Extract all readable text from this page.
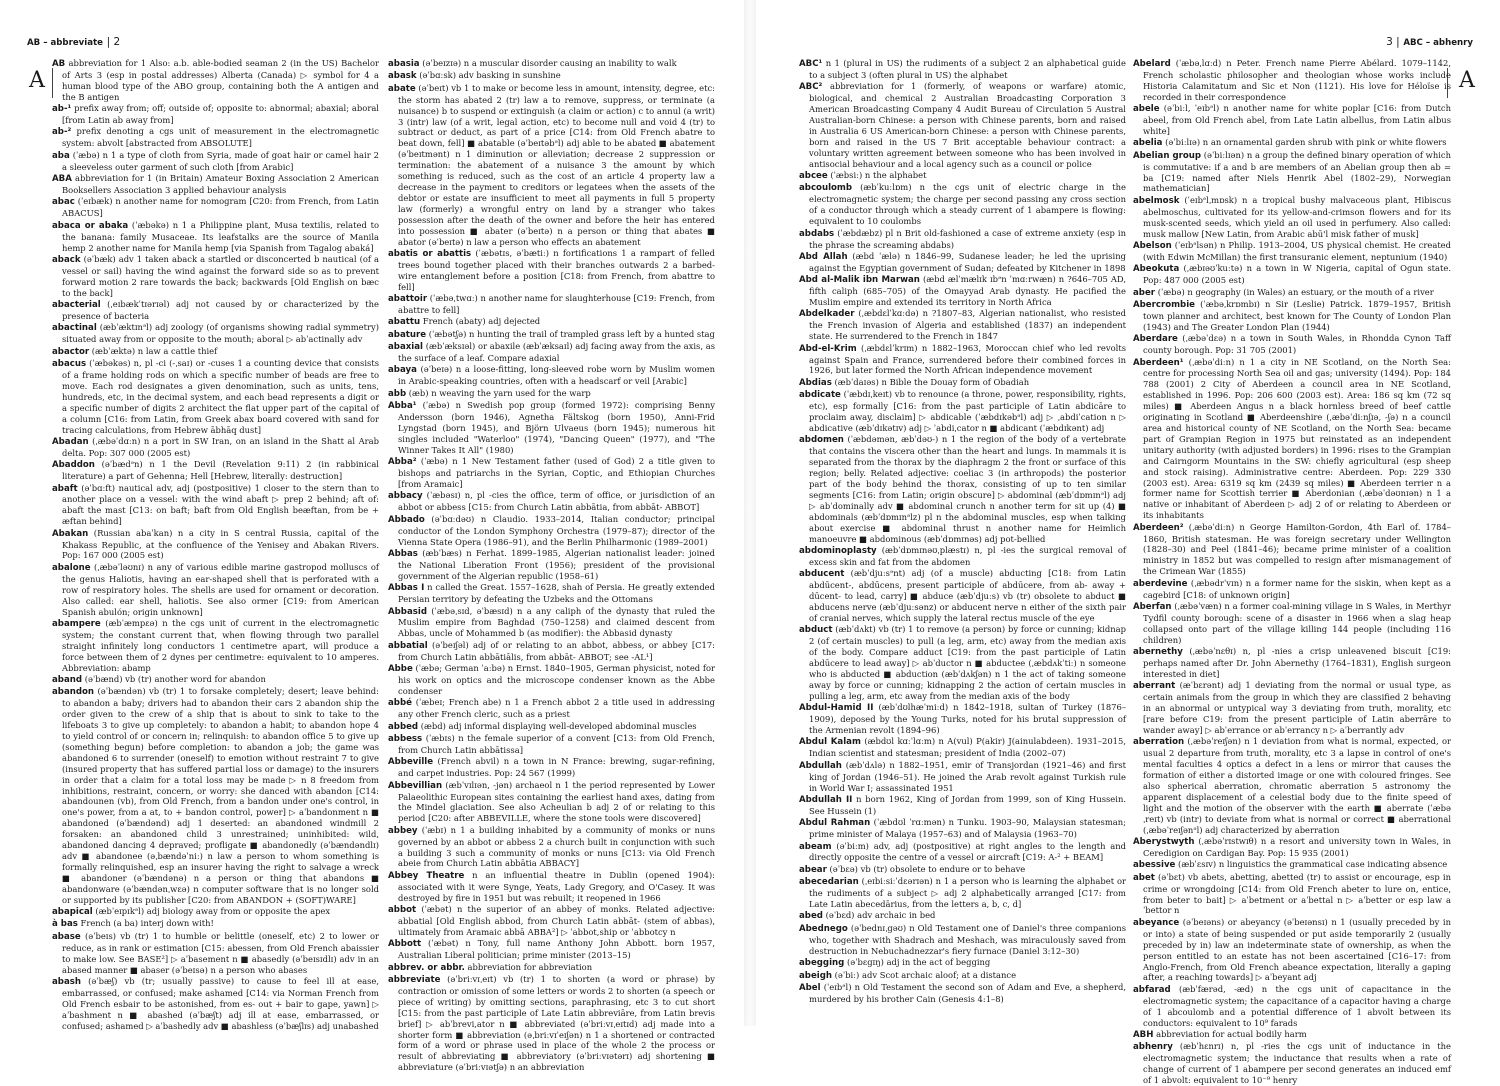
AB – abbreviate | 2
A

AB abbreviation for 1 Also: a.b. able-bodied seaman 2 (in the US) Bachelor of Arts 3 (esp in postal addresses) Alberta (Canada) ▷ symbol for 4 a human blood type of the ABO group, containing both the A antigen and the B antigen

ab-¹ prefix away from; off; outside of; opposite to: abnormal; abaxial; aboral [from Latin ab away from]

ab-² prefix denoting a cgs unit of measurement in the electromagnetic system: abvolt [abstracted from ABSOLUTE]

aba (ˈæbə) n 1 a type of cloth from Syria, made of goat hair or camel hair 2 a sleeveless outer garment of such cloth [from Arabic]

ABA abbreviation for 1 (in Britain) Amateur Boxing Association 2 American Booksellers Association 3 applied behaviour analysis

abac (ˈeɪbæk) n another name for nomogram [C20: from French, from Latin ABACUS]

abaca or abaka (ˈæbəkə) n 1 a Philippine plant, Musa textilis, related to the banana: family Musaceae. Its leafstalks are the source of Manila hemp 2 another name for Manila hemp [via Spanish from Tagalog abaká]

aback (əˈbæk) adv 1 taken aback a startled or disconcerted b nautical (of a vessel or sail) having the wind against the forward side so as to prevent forward motion 2 rare towards the back; backwards [Old English on bæc to the back]

abacterial (ˌeɪbækˈtɪərɪəl) adj not caused by or characterized by the presence of bacteria

abactinal (æbˈæktɪnᵊl) adj zoology (of organisms showing radial symmetry) situated away from or opposite to the mouth; aboral ▷ abˈactinally adv

abactor (æbˈæktə) n law a cattle thief

abacus (ˈæbəkəs) n, pl -ci (-ˌsaɪ) or -cuses 1 a counting device that consists of a frame holding rods on which a specific number of beads are free to move. Each rod designates a given denomination, such as units, tens, hundreds, etc, in the decimal system, and each bead represents a digit or a specific number of digits 2 architect the flat upper part of the capital of a column [C16: from Latin, from Greek abax board covered with sand for tracing calculations, from Hebrew ābhāq dust]

Abadan (ˌæbəˈdɑːn) n a port in SW Iran, on an island in the Shatt al Arab delta. Pop: 307 000 (2005 est)

Abaddon (əˈbædᵊn) n 1 the Devil (Revelation 9:11) 2 (in rabbinical literature) a part of Gehenna; Hell [Hebrew, literally: destruction]

abaft (əˈbɑːft) nautical adv, adj (postpositive) 1 closer to the stern than to another place on a vessel: with the wind abaft ▷ prep 2 behind; aft of: abaft the mast [C13: on baft; baft from Old English beæftan, from be + æftan behind]

Abakan (Russian abaˈkan) n a city in S central Russia, capital of the Khakass Republic, at the confluence of the Yenisey and Abakan Rivers. Pop: 167 000 (2005 est)

abalone (ˌæbəˈləʊnɪ) n any of various edible marine gastropod molluscs of the genus Haliotis, having an ear-shaped shell that is perforated with a row of respiratory holes. The shells are used for ornament or decoration. Also called: ear shell, haliotis. See also ormer [C19: from American Spanish abulón; origin unknown]

abampere (æbˈæmpɛə) n the cgs unit of current in the electromagnetic system; the constant current that, when flowing through two parallel straight infinitely long conductors 1 centimetre apart, will produce a force between them of 2 dynes per centimetre: equivalent to 10 amperes. Abbreviation: abamp

aband (əˈbænd) vb (tr) another word for abandon

abandon (əˈbændən) vb (tr) 1 to forsake completely; desert; leave behind: to abandon a baby; drivers had to abandon their cars 2 abandon ship the order given to the crew of a ship that is about to sink to take to the lifeboats 3 to give up completely: to abandon a habit; to abandon hope 4 to yield control of or concern in; relinquish: to abandon office 5 to give up (something begun) before completion: to abandon a job; the game was abandoned 6 to surrender (oneself) to emotion without restraint 7 to give (insured property that has suffered partial loss or damage) to the insurers in order that a claim for a total loss may be made ▷ n 8 freedom from inhibitions, restraint, concern, or worry: she danced with abandon [C14: abandounen (vb), from Old French, from a bandon under one's control, in one's power, from a at, to + bandon control, power] ▷ aˈbandonment n ■ abandoned (əˈbændənd) adj 1 deserted: an abandoned windmill 2 forsaken: an abandoned child 3 unrestrained; uninhibited: wild, abandoned dancing 4 depraved; profligate ■ abandonedly (əˈbændəndlɪ) adv ■ abandonee (əˌbændəˈniː) n law a person to whom something is formally relinquished, esp an insurer having the right to salvage a wreck ■ abandoner (əˈbændənə) n a person or thing that abandons ■ abandonware (əˈbændənˌwɛə) n computer software that is no longer sold or supported by its publisher [C20: from ABANDON + (SOFT)WARE]

abapical (æbˈeɪpɪkᵊl) adj biology away from or opposite the apex

à bas French (a ba) interj down with!

abase (əˈbeɪs) vb (tr) 1 to humble or belittle (oneself, etc) 2 to lower or reduce, as in rank or estimation [C15: abessen, from Old French abaissier to make low. See BASE²] ▷ aˈbasement n ■ abasedly (əˈbeɪsɪdlɪ) adv in an abased manner ■ abaser (əˈbeɪsə) n a person who abases

abash (əˈbæʃ) vb (tr; usually passive) to cause to feel ill at ease, embarrassed, or confused; make ashamed [C14: via Norman French from Old French esbair to be astonished, from es- out + bair to gape, yawn] ▷ aˈbashment n ■ abashed (əˈbæʃt) adj ill at ease, embarrassed, or confused; ashamed ▷ aˈbashedly adv ■ abashless (əˈbæʃlɪs) adj unabashed

abasia (əˈbeɪzɪə) n a muscular disorder causing an inability to walk

abask (əˈbɑːsk) adv basking in sunshine

abate (əˈbeɪt) vb 1 to make or become less in amount, intensity, degree, etc: the storm has abated 2 (tr) law a to remove, suppress, or terminate (a nuisance) b to suspend or extinguish (a claim or action) c to annul (a writ) 3 (intr) law (of a writ, legal action, etc) to become null and void 4 (tr) to subtract or deduct, as part of a price [C14: from Old French abatre to beat down, fell] ■ abatable (əˈbeɪtəbᵊl) adj able to be abated ■ abatement (əˈbeɪtmənt) n 1 diminution or alleviation; decrease 2 suppression or termination: the abatement of a nuisance 3 the amount by which something is reduced, such as the cost of an article 4 property law a decrease in the payment to creditors or legatees when the assets of the debtor or estate are insufficient to meet all payments in full 5 property law (formerly) a wrongful entry on land by a stranger who takes possession after the death of the owner and before the heir has entered into possession ■ abater (əˈbeɪtə) n a person or thing that abates ■ abator (əˈbeɪtə) n law a person who effects an abatement

abatis or abattis (ˈæbətɪs, əˈbætiː) n fortifications 1 a rampart of felled trees bound together placed with their branches outwards 2 a barbed-wire entanglement before a position [C18: from French, from abattre to fell]

abattoir (ˈæbəˌtwɑː) n another name for slaughterhouse [C19: French, from abattre to fell]

abattu French (abaty) adj dejected

abature (ˈæbətʃə) n hunting the trail of trampled grass left by a hunted stag

abaxial (æbˈæksɪəl) or abaxile (æbˈæksaɪl) adj facing away from the axis, as the surface of a leaf. Compare adaxial

abaya (əˈbeɪə) n a loose-fitting, long-sleeved robe worn by Muslim women in Arabic-speaking countries, often with a headscarf or veil [Arabic]

abb (æb) n weaving the yarn used for the warp

Abba¹ (ˈæbə) n Swedish pop group (formed 1972): comprising Benny Andersson (born 1946), Agnetha Fältskog (born 1950), Anni-Frid Lyngstad (born 1945), and Björn Ulvaeus (born 1945); numerous hit singles included "Waterloo" (1974), "Dancing Queen" (1977), and "The Winner Takes It All" (1980)

Abba² (ˈæbə) n 1 New Testament father (used of God) 2 a title given to bishops and patriarchs in the Syrian, Coptic, and Ethiopian Churches [from Aramaic]

abbacy (ˈæbəsɪ) n, pl -cies the office, term of office, or jurisdiction of an abbot or abbess [C15: from Church Latin abbātia, from abbāt- ABBOT]

Abbado (əˈbɑːdəʊ) n Claudio. 1933–2014, Italian conductor; principal conductor of the London Symphony Orchestra (1979–87); director of the Vienna State Opera (1986–91), and the Berlin Philharmonic (1989–2001)

Abbas (æbˈbæs) n Ferhat. 1899–1985, Algerian nationalist leader: joined the National Liberation Front (1956); president of the provisional government of the Algerian republic (1958–61)

Abbas I n called the Great. 1557–1628, shah of Persia. He greatly extended Persian territory by defeating the Uzbeks and the Ottomans

Abbasid (ˈæbəˌsɪd, əˈbæsɪd) n a any caliph of the dynasty that ruled the Muslim empire from Baghdad (750–1258) and claimed descent from Abbas, uncle of Mohammed b (as modifier): the Abbasid dynasty

abbatial (əˈbeɪʃəl) adj of or relating to an abbot, abbess, or abbey [C17: from Church Latin abbātiālis, from abbāt- ABBOT; see -AL¹]

Abbe (ˈæbə; German ˈaːbə) n Ernst. 1840–1905, German physicist, noted for his work on optics and the microscope condenser known as the Abbe condenser

abbé (ˈæbeɪ; French abe) n 1 a French abbot 2 a title used in addressing any other French cleric, such as a priest

abbed (æbd) adj informal displaying well-developed abdominal muscles

abbess (ˈæbɪs) n the female superior of a convent [C13: from Old French, from Church Latin abbātissa]

Abbeville (French abvil) n a town in N France: brewing, sugar-refining, and carpet industries. Pop: 24 567 (1999)

Abbevillian (æbˈvɪlɪən, -jən) archaeol n 1 the period represented by Lower Palaeolithic European sites containing the earliest hand axes, dating from the Mindel glaciation. See also Acheulian b adj 2 of or relating to this period [C20: after ABBEVILLE, where the stone tools were discovered]

abbey (ˈæbɪ) n 1 a building inhabited by a community of monks or nuns governed by an abbot or abbess 2 a church built in conjunction with such a building 3 such a community of monks or nuns [C13: via Old French abeie from Church Latin abbātia ABBACY]

Abbey Theatre n an influential theatre in Dublin (opened 1904): associated with it were Synge, Yeats, Lady Gregory, and O'Casey. It was destroyed by fire in 1951 but was rebuilt; it reopened in 1966

abbot (ˈæbət) n the superior of an abbey of monks. Related adjective: abbatial [Old English abbod, from Church Latin abbāt- (stem of abbas), ultimately from Aramaic abbā ABBA²] ▷ ˈabbot,ship or ˈabbotcy n

Abbott (ˈæbət) n Tony, full name Anthony John Abbott. born 1957, Australian Liberal politician; prime minister (2013–15)

abbrev. or abbr. abbreviation for abbreviation

abbreviate (əˈbriːvɪˌeɪt) vb (tr) 1 to shorten (a word or phrase) by contraction or omission of some letters or words 2 to shorten (a speech or piece of writing) by omitting sections, paraphrasing, etc 3 to cut short [C15: from the past participle of Late Latin abbreviāre, from Latin brevis brief] ▷ abˈbrevi,ator n ■ abbreviated (əˈbriːvɪˌeɪtɪd) adj made into a shorter form ■ abbreviation (əˌbriːvɪˈeɪʃən) n 1 a shortened or contracted form of a word or phrase used in place of the whole 2 the process or result of abbreviating ■ abbreviatory (əˈbriːvɪətərɪ) adj shortening ■ abbreviature (əˈbriːvɪətʃə) n an abbreviation

3 | ABC – abhenry
A

ABC¹ n 1 (plural in US) the rudiments of a subject 2 an alphabetical guide to a subject 3 (often plural in US) the alphabet

ABC² abbreviation for 1 (formerly, of weapons or warfare) atomic, biological, and chemical 2 Australian Broadcasting Corporation 3 American Broadcasting Company 4 Audit Bureau of Circulation 5 Austral Australian-born Chinese: a person with Chinese parents, born and raised in Australia 6 US American-born Chinese: a person with Chinese parents, born and raised in the US 7 Brit acceptable behaviour contract: a voluntary written agreement between someone who has been involved in antisocial behaviour and a local agency such as a council or police

abcee (ˈæbsiː) n the alphabet

abcoulomb (æbˈkuːlɒm) n the cgs unit of electric charge in the electromagnetic system; the charge per second passing any cross section of a conductor through which a steady current of 1 abampere is flowing: equivalent to 10 coulombs

abdabs (ˈæbdæbz) pl n Brit old-fashioned a case of extreme anxiety (esp in the phrase the screaming abdabs)

Abd Allah (æbd ˈælə) n 1846–99, Sudanese leader; he led the uprising against the Egyptian government of Sudan; defeated by Kitchener in 1898

Abd al-Malik ibn Marwan (æbd ælˈmælɪk ɪbᵊn ˈmɑːrwæn) n ?646–705 AD, fifth caliph (685–705) of the Omayyad Arab dynasty. He pacified the Muslim empire and extended its territory in North Africa

Abdelkader (ˌæbdɛlˈkɑːdə) n ?1807–83, Algerian nationalist, who resisted the French invasion of Algeria and established (1837) an independent state. He surrendered to the French in 1847

Abd-el-Krim (ˌæbdɛlˈkrɪm) n 1882–1963, Moroccan chief who led revolts against Spain and France, surrendered before their combined forces in 1926, but later formed the North African independence movement

Abdias (æbˈdaɪəs) n Bible the Douay form of Obadiah

abdicate (ˈæbdɪˌkeɪt) vb to renounce (a throne, power, responsibility, rights, etc), esp formally [C16: from the past participle of Latin abdicāre to proclaim away, disclaim] ▷ abdicable (ˈæbdɪkəbᵊl) adj ▷ ˌabdiˈcation n ▷ abdicative (æbˈdɪkətɪv) adj ▷ ˈabdiˌcator n ■ abdicant (ˈæbdɪkənt) adj

abdomen (ˈæbdəmən, æbˈdəʊ-) n 1 the region of the body of a vertebrate that contains the viscera other than the heart and lungs. In mammals it is separated from the thorax by the diaphragm 2 the front or surface of this region; belly. Related adjective: coeliac 3 (in arthropods) the posterior part of the body behind the thorax, consisting of up to ten similar segments [C16: from Latin; origin obscure] ▷ abdominal (æbˈdɒmɪnᵊl) adj ▷ abˈdominally adv ■ abdominal crunch n another term for sit up (4) ■ abdominals (æbˈdɒmɪnᵊlz) pl n the abdominal muscles, esp when talking about exercise ■ abdominal thrust n another name for Heimlich manoeuvre ■ abdominous (æbˈdɒmɪnəs) adj pot-bellied

abdominoplasty (æbˈdɒmɪnəʊˌplæstɪ) n, pl -ies the surgical removal of excess skin and fat from the abdomen

abducent (æbˈdjuːsᵊnt) adj (of a muscle) abducting [C18: from Latin abdūcent-, abdūcens, present participle of abdūcere, from ab- away + dūcent- to lead, carry] ■ abduce (æbˈdjuːs) vb (tr) obsolete to abduct ■ abducens nerve (æbˈdjuːsənz) or abducent nerve n either of the sixth pair of cranial nerves, which supply the lateral rectus muscle of the eye

abduct (æbˈdʌkt) vb (tr) 1 to remove (a person) by force or cunning; kidnap 2 (of certain muscles) to pull (a leg, arm, etc) away from the median axis of the body. Compare adduct [C19: from the past participle of Latin abdūcere to lead away] ▷ abˈductor n ■ abductee (ˌæbdʌkˈtiː) n someone who is abducted ■ abduction (æbˈdʌkʃən) n 1 the act of taking someone away by force or cunning; kidnapping 2 the action of certain muscles in pulling a leg, arm, etc away from the median axis of the body

Abdul-Hamid II (æbˈdʊlhæˈmiːd) n 1842–1918, sultan of Turkey (1876–1909), deposed by the Young Turks, noted for his brutal suppression of the Armenian revolt (1894–96)

Abdul Kalam (æbdʊl kɑːˈlɑːm) n A(vul) P(akir) J(ainulabdeen). 1931–2015, Indian scientist and statesman; president of India (2002–07)

Abdullah (æbˈdʌlə) n 1882–1951, emir of Transjordan (1921–46) and first king of Jordan (1946–51). He joined the Arab revolt against Turkish rule in World War I; assassinated 1951

Abdullah II n born 1962, King of Jordan from 1999, son of King Hussein. See Hussein (1)

Abdul Rahman (ˈæbdʊl ˈrɑːmən) n Tunku. 1903–90, Malaysian statesman; prime minister of Malaya (1957–63) and of Malaysia (1963–70)

abeam (əˈbiːm) adv, adj (postpositive) at right angles to the length and directly opposite the centre of a vessel or aircraft [C19: A-² + BEAM]

abear (əˈbɛə) vb (tr) obsolete to endure or to behave

abecedarian (ˌeɪbiːsiːˈdɛərɪən) n 1 a person who is learning the alphabet or the rudiments of a subject ▷ adj 2 alphabetically arranged [C17: from Late Latin abecedārius, from the letters a, b, c, d]

abed (əˈbɛd) adv archaic in bed

Abednego (əˈbednɪˌgəʊ) n Old Testament one of Daniel's three companions who, together with Shadrach and Meshach, was miraculously saved from destruction in Nebuchadnezzar's fiery furnace (Daniel 3:12–30)

abegging (əˈbɛgɪŋ) adj in the act of begging

abeigh (əˈbiː) adv Scot archaic aloof; at a distance

Abel (ˈeɪbᵊl) n Old Testament the second son of Adam and Eve, a shepherd, murdered by his brother Cain (Genesis 4:1–8)

Abelard (ˈæbəˌlɑːd) n Peter. French name Pierre Abélard. 1079–1142, French scholastic philosopher and theologian whose works include Historia Calamitatum and Sic et Non (1121). His love for Héloïse is recorded in their correspondence

abele (əˈbiːl, ˈeɪbᵊl) n another name for white poplar [C16: from Dutch abeel, from Old French abel, from Late Latin albellus, from Latin albus white]

abelia (əˈbiːlɪə) n an ornamental garden shrub with pink or white flowers

Abelian group (əˈbiːlɪən) n a group the defined binary operation of which is commutative: if a and b are members of an Abelian group then ab = ba [C19: named after Niels Henrik Abel (1802–29), Norwegian mathematician]

abelmosk (ˈeɪbᵊlˌmɒsk) n a tropical bushy malvaceous plant, Hibiscus abelmoschus, cultivated for its yellow-and-crimson flowers and for its musk-scented seeds, which yield an oil used in perfumery. Also called: musk mallow [New Latin, from Arabic abū'l misk father of musk]

Abelson (ˈeɪbᵊlsən) n Philip. 1913–2004, US physical chemist. He created (with Edwin McMillan) the first transuranic element, neptunium (1940)

Abeokuta (ˌæbɪəʊˈkuːtə) n a town in W Nigeria, capital of Ogun state. Pop: 487 000 (2005 est)

aber (ˈæbə) n geography (in Wales) an estuary, or the mouth of a river

Abercrombie (ˈæbəˌkrɒmbɪ) n Sir (Leslie) Patrick. 1879–1957, British town planner and architect, best known for The County of London Plan (1943) and The Greater London Plan (1944)

Aberdare (ˌæbəˈdɛə) n a town in South Wales, in Rhondda Cynon Taff county borough. Pop: 31 705 (2001)

Aberdeen¹ (ˌæbəˈdiːn) n 1 a city in NE Scotland, on the North Sea: centre for processing North Sea oil and gas; university (1494). Pop: 184 788 (2001) 2 City of Aberdeen a council area in NE Scotland, established in 1996. Pop: 206 600 (2003 est). Area: 186 sq km (72 sq miles) ■ Aberdeen Angus n a black hornless breed of beef cattle originating in Scotland ■ Aberdeenshire (ˌæbəˈdiːnʃɪə, -ʃə) n a council area and historical county of NE Scotland, on the North Sea: became part of Grampian Region in 1975 but reinstated as an independent unitary authority (with adjusted borders) in 1996: rises to the Grampian and Cairngorm Mountains in the SW: chiefly agricultural (esp sheep and stock raising). Administrative centre: Aberdeen. Pop: 229 330 (2003 est). Area: 6319 sq km (2439 sq miles) ■ Aberdeen terrier n a former name for Scottish terrier ■ Aberdonian (ˌæbəˈdəʊnɪən) n 1 a native or inhabitant of Aberdeen ▷ adj 2 of or relating to Aberdeen or its inhabitants

Aberdeen² (ˌæbəˈdiːn) n George Hamilton-Gordon, 4th Earl of. 1784–1860, British statesman. He was foreign secretary under Wellington (1828–30) and Peel (1841–46); became prime minister of a coalition ministry in 1852 but was compelled to resign after mismanagement of the Crimean War (1855)

aberdevine (ˌæbədrˈvɪn) n a former name for the siskin, when kept as a cagebird [C18: of unknown origin]

Aberfan (ˌæbəˈvæn) n a former coal-mining village in S Wales, in Merthyr Tydfil county borough: scene of a disaster in 1966 when a slag heap collapsed onto part of the village killing 144 people (including 116 children)

abernethy (ˌæbəˈnɛθɪ) n, pl -nies a crisp unleavened biscuit [C19: perhaps named after Dr. John Abernethy (1764–1831), English surgeon interested in diet]

aberrant (æˈbɛrənt) adj 1 deviating from the normal or usual type, as certain animals from the group in which they are classified 2 behaving in an abnormal or untypical way 3 deviating from truth, morality, etc [rare before C19: from the present participle of Latin aberrāre to wander away] ▷ abˈerrance or abˈerrancy n ▷ aˈberrantly adv

aberration (ˌæbəˈreɪʃən) n 1 deviation from what is normal, expected, or usual 2 departure from truth, morality, etc 3 a lapse in control of one's mental faculties 4 optics a defect in a lens or mirror that causes the formation of either a distorted image or one with coloured fringes. See also spherical aberration, chromatic aberration 5 astronomy the apparent displacement of a celestial body due to the finite speed of light and the motion of the observer with the earth ■ aberrate (ˈæbəˌreɪt) vb (intr) to deviate from what is normal or correct ■ aberrational (ˌæbəˈreɪʃənᵊl) adj characterized by aberration

Aberystwyth (ˌæbəˈrɪstwɪθ) n a resort and university town in Wales, in Ceredigion on Cardigan Bay. Pop: 15 935 (2001)

abessive (æbˈɛsɪv) n linguistics the grammatical case indicating absence

abet (əˈbɛt) vb abets, abetting, abetted (tr) to assist or encourage, esp in crime or wrongdoing [C14: from Old French abeter to lure on, entice, from beter to bait] ▷ aˈbetment or aˈbettal n ▷ aˈbetter or esp law aˈbettor n

abeyance (əˈbeɪəns) or abeyancy (əˈbeɪənsɪ) n 1 (usually preceded by in or into) a state of being suspended or put aside temporarily 2 (usually preceded by in) law an indeterminate state of ownership, as when the person entitled to an estate has not been ascertained [C16–17: from Anglo-French, from Old French abeance expectation, literally a gaping after, a reaching towards] ▷ aˈbeyant adj

abfarad (æbˈfærəd, -æd) n the cgs unit of capacitance in the electromagnetic system; the capacitance of a capacitor having a charge of 1 abcoulomb and a potential difference of 1 abvolt between its conductors: equivalent to 10⁹ farads

ABH abbreviation for actual bodily harm

abhenry (æbˈhɛnrɪ) n, pl -ries the cgs unit of inductance in the electromagnetic system; the inductance that results when a rate of change of current of 1 abampere per second generates an induced emf of 1 abvolt: equivalent to 10⁻⁹ henry
